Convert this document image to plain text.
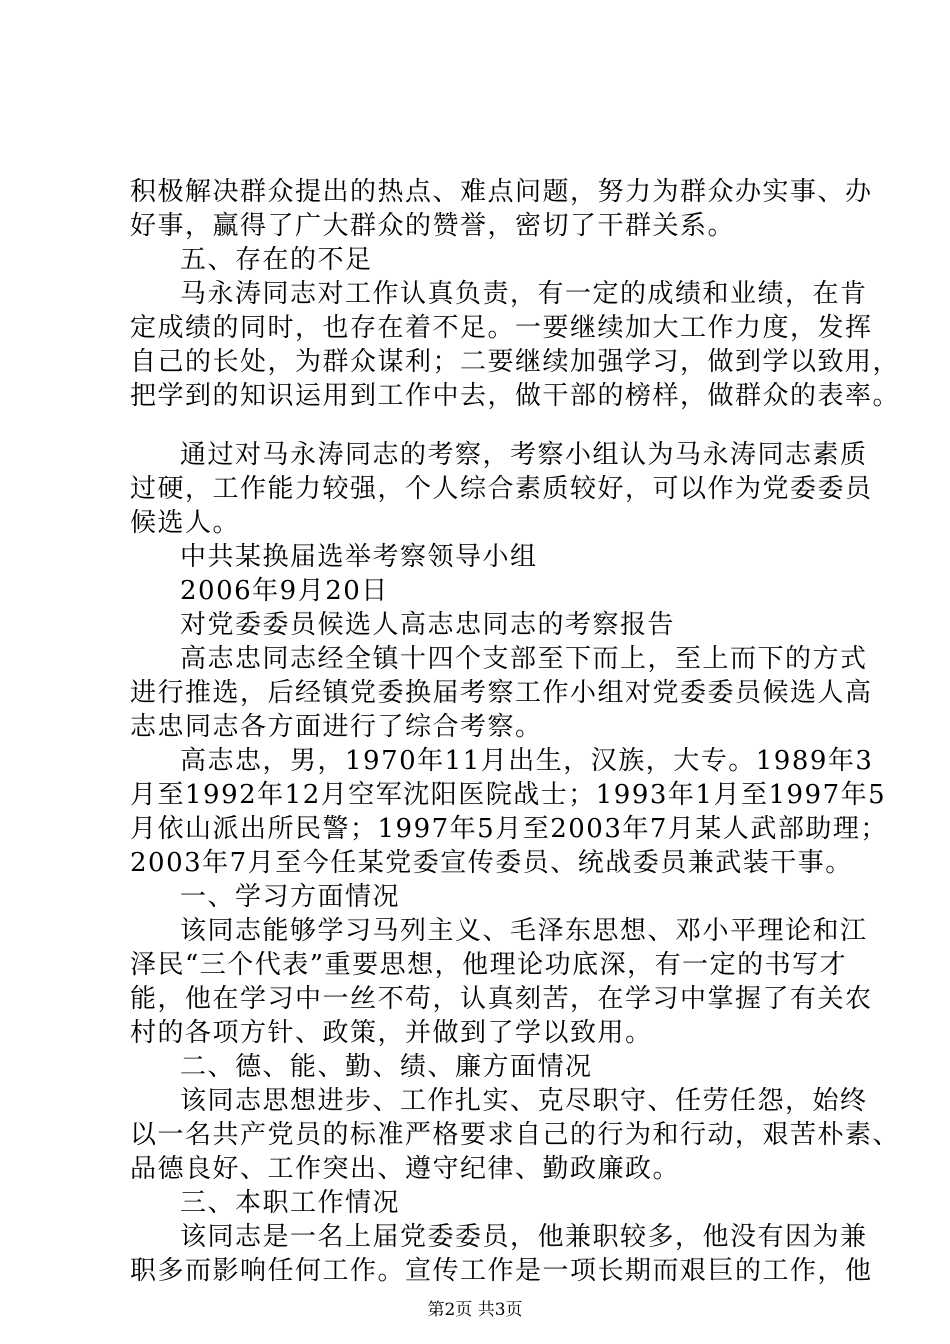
积极解决群众提出的热点、难点问题，努力为群众办实事、办
好事，赢得了广大群众的赞誉，密切了干群关系。
五、存在的不足
马永涛同志对工作认真负责，有一定的成绩和业绩，在肯
定成绩的同时，也存在着不足。一要继续加大工作力度，发挥
自己的长处，为群众谋利；二要继续加强学习，做到学以致用，
把学到的知识运用到工作中去，做干部的榜样，做群众的表率。
通过对马永涛同志的考察，考察小组认为马永涛同志素质
过硬，工作能力较强，个人综合素质较好，可以作为党委委员
候选人。
中共某换届选举考察领导小组
2006年9月20日
对党委委员候选人高志忠同志的考察报告
高志忠同志经全镇十四个支部至下而上，至上而下的方式
进行推选，后经镇党委换届考察工作小组对党委委员候选人高
志忠同志各方面进行了综合考察。
高志忠，男，1970年11月出生，汉族，大专。1989年3
月至1992年12月空军沈阳医院战士；1993年1月至1997年5
月依山派出所民警；1997年5月至2003年7月某人武部助理；
2003年7月至今任某党委宣传委员、统战委员兼武装干事。
一、学习方面情况
该同志能够学习马列主义、毛泽东思想、邓小平理论和江
泽民“三个代表”重要思想，他理论功底深，有一定的书写才
能，他在学习中一丝不苟，认真刻苦，在学习中掌握了有关农
村的各项方针、政策，并做到了学以致用。
二、德、能、勤、绩、廉方面情况
该同志思想进步、工作扎实、克尽职守、任劳任怨，始终
以一名共产党员的标准严格要求自己的行为和行动，艰苦朴素、
品德良好、工作突出、遵守纪律、勤政廉政。
三、本职工作情况
该同志是一名上届党委委员，他兼职较多，他没有因为兼
职多而影响任何工作。宣传工作是一项长期而艰巨的工作，他
第2页 共3页
